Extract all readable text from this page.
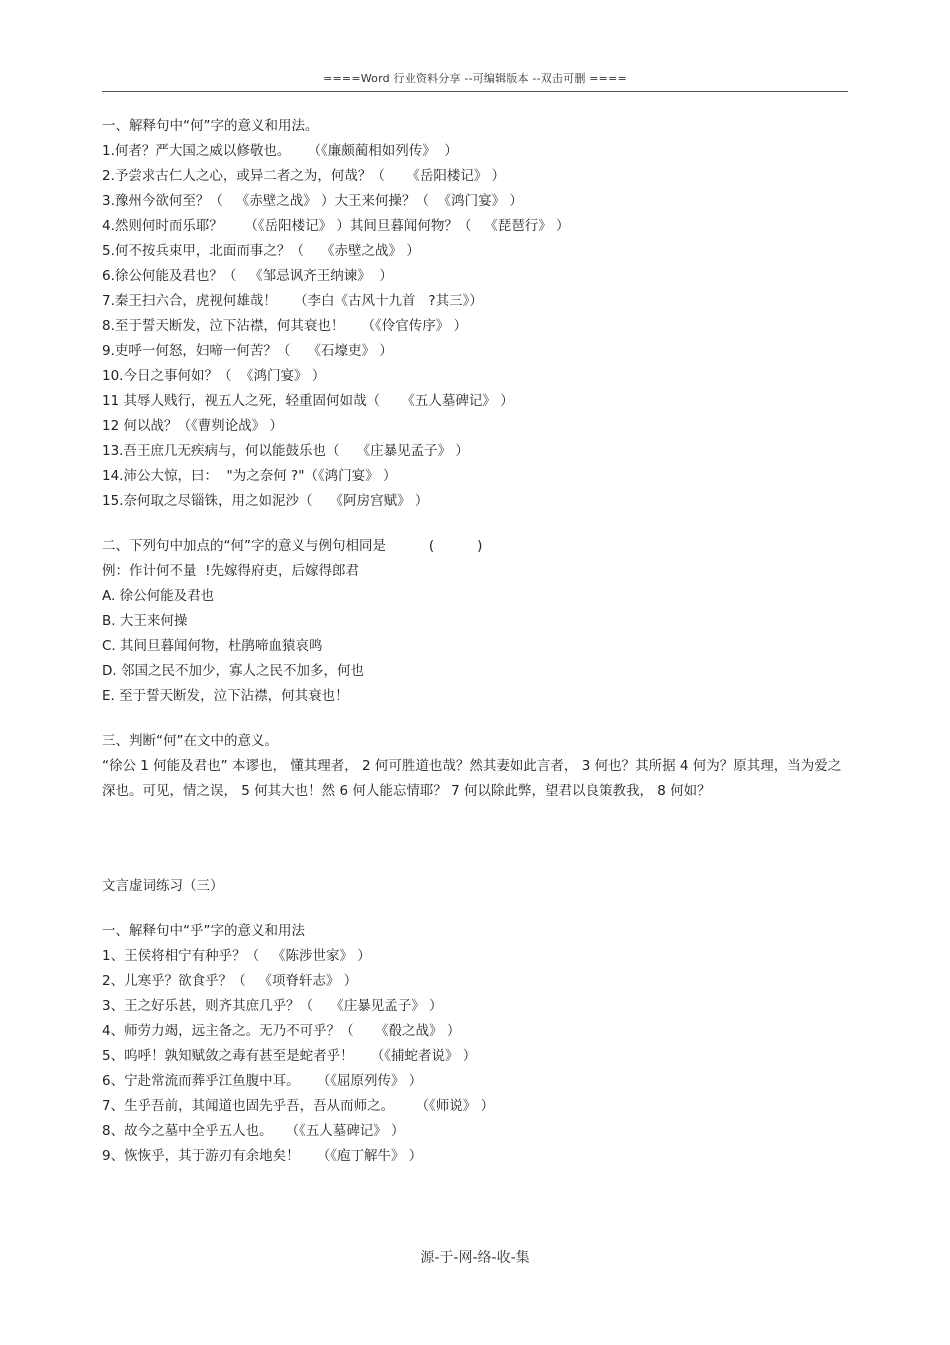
====Word 行业资料分享 --可编辑版本 --双击可删 ====
一、解释句中“何”字的意义和用法。
1.何者？严大国之威以修敬也。    （《廉颇蔺相如列传》  ）
2.予尝求古仁人之心，或异二者之为，何哉？（     《岳阳楼记》 ）
3.豫州今欲何至？（   《赤壁之战》 ）大王来何操？（  《鸿门宴》 ）
4.然则何时而乐耶？     （《岳阳楼记》 ）其间旦暮闻何物？（   《琵琶行》 ）
5.何不按兵束甲，北面而事之？（    《赤壁之战》 ）
6.徐公何能及君也？（   《邹忌讽齐王纳谏》  ）
7.秦王扫六合，虎视何雄哉！    （李白《古风十九首   ?其三》）
8.至于誓天断发，泣下沾襟，何其衰也！    （《伶官传序》 ）
9.吏呼一何怒，妇啼一何苦？（    《石壕吏》 ）
10.今日之事何如？（  《鸿门宴》 ）
11 其辱人贱行，视五人之死，轻重固何如哉（     《五人墓碑记》 ）
12 何以战？（《曹刿论战》 ）
13.吾王庶几无疾病与，何以能鼓乐也（    《庄暴见孟子》 ）
14.沛公大惊，曰：  "为之奈何 ?"（《鸿门宴》 ）
15.奈何取之尽锱铢，用之如泥沙（    《阿房宫赋》 ）
二、下列句中加点的“何”字的意义与例句相同是          (          )
例：作计何不量  !先嫁得府吏，后嫁得郎君
A. 徐公何能及君也
B. 大王来何操
C. 其间旦暮闻何物，杜鹃啼血猿哀鸣
D. 邻国之民不加少，寡人之民不加多，何也
E. 至于誓天断发，泣下沾襟，何其衰也！
三、判断“何”在文中的意义。
“徐公 1 何能及君也” 本谬也， 懂其理者， 2 何可胜道也哉？然其妻如此言者， 3 何也？其所据 4 何为？原其理，当为爱之深也。可见，情之误， 5 何其大也！然 6 何人能忘情耶？ 7 何以除此弊，望君以良策教我， 8 何如？
文言虚词练习（三）
一、解释句中“乎”字的意义和用法
1、王侯将相宁有种乎？（   《陈涉世家》 ）
2、儿寒乎？欲食乎？（   《项脊轩志》 ）
3、王之好乐甚，则齐其庶几乎？（    《庄暴见孟子》 ）
4、师劳力竭，远主备之。无乃不可乎？（     《殽之战》 ）
5、呜呼！孰知赋敛之毒有甚至是蛇者乎！    （《捕蛇者说》 ）
6、宁赴常流而葬乎江鱼腹中耳。    （《屈原列传》 ）
7、生乎吾前，其闻道也固先乎吾，吾从而师之。     （《师说》 ）
8、故今之墓中全乎五人也。   （《五人墓碑记》 ）
9、恢恢乎，其于游刃有余地矣！    （《庖丁解牛》 ）
源-于-网-络-收-集
